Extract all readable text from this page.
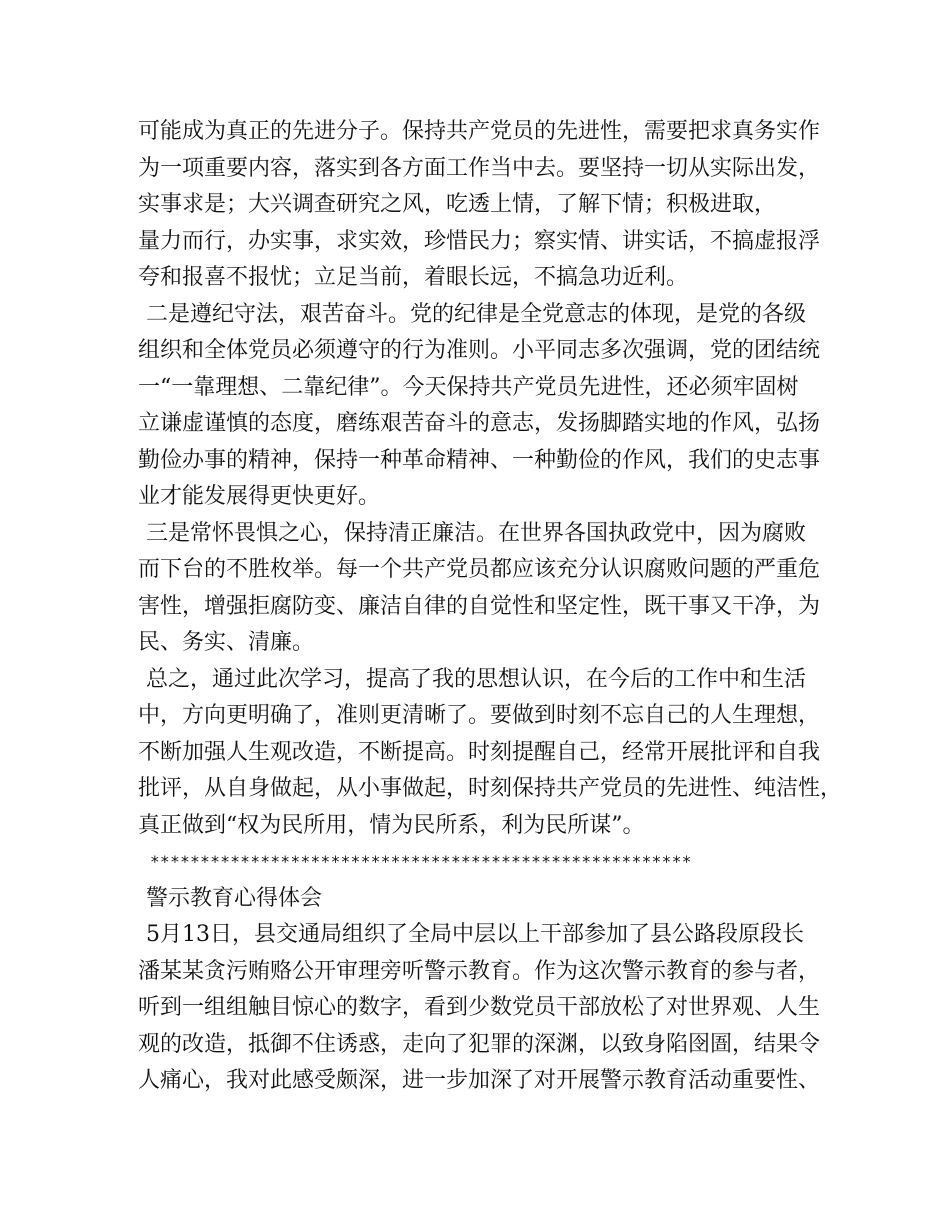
可能成为真正的先进分子。保持共产党员的先进性，需要把求真务实作
为一项重要内容，落实到各方面工作当中去。要坚持一切从实际出发，
实事求是；大兴调查研究之风，吃透上情，了解下情；积极进取，
量力而行，办实事，求实效，珍惜民力；察实情、讲实话，不搞虚报浮
夸和报喜不报忧；立足当前，着眼长远，不搞急功近利。
二是遵纪守法，艰苦奋斗。党的纪律是全党意志的体现，是党的各级
组织和全体党员必须遵守的行为准则。小平同志多次强调，党的团结统
一“一靠理想、二靠纪律”。今天保持共产党员先进性，还必须牢固树
立谦虚谨慎的态度，磨练艰苦奋斗的意志，发扬脚踏实地的作风，弘扬
勤俭办事的精神，保持一种革命精神、一种勤俭的作风，我们的史志事
业才能发展得更快更好。
三是常怀畏惧之心，保持清正廉洁。在世界各国执政党中，因为腐败
而下台的不胜枚举。每一个共产党员都应该充分认识腐败问题的严重危
害性，增强拒腐防变、廉洁自律的自觉性和坚定性，既干事又干净，为
民、务实、清廉。
总之，通过此次学习，提高了我的思想认识，在今后的工作中和生活
中，方向更明确了，准则更清晰了。要做到时刻不忘自己的人生理想，
不断加强人生观改造，不断提高。时刻提醒自己，经常开展批评和自我
批评，从自身做起，从小事做起，时刻保持共产党员的先进性、纯洁性，
真正做到“权为民所用，情为民所系，利为民所谋”。
******************************************************
警示教育心得体会
5月13日，县交通局组织了全局中层以上干部参加了县公路段原段长
潘某某贪污贿赂公开审理旁听警示教育。作为这次警示教育的参与者，
听到一组组触目惊心的数字，看到少数党员干部放松了对世界观、人生
观的改造，抵御不住诱惑，走向了犯罪的深渊，以致身陷囹圄，结果令
人痛心，我对此感受颇深，进一步加深了对开展警示教育活动重要性、
